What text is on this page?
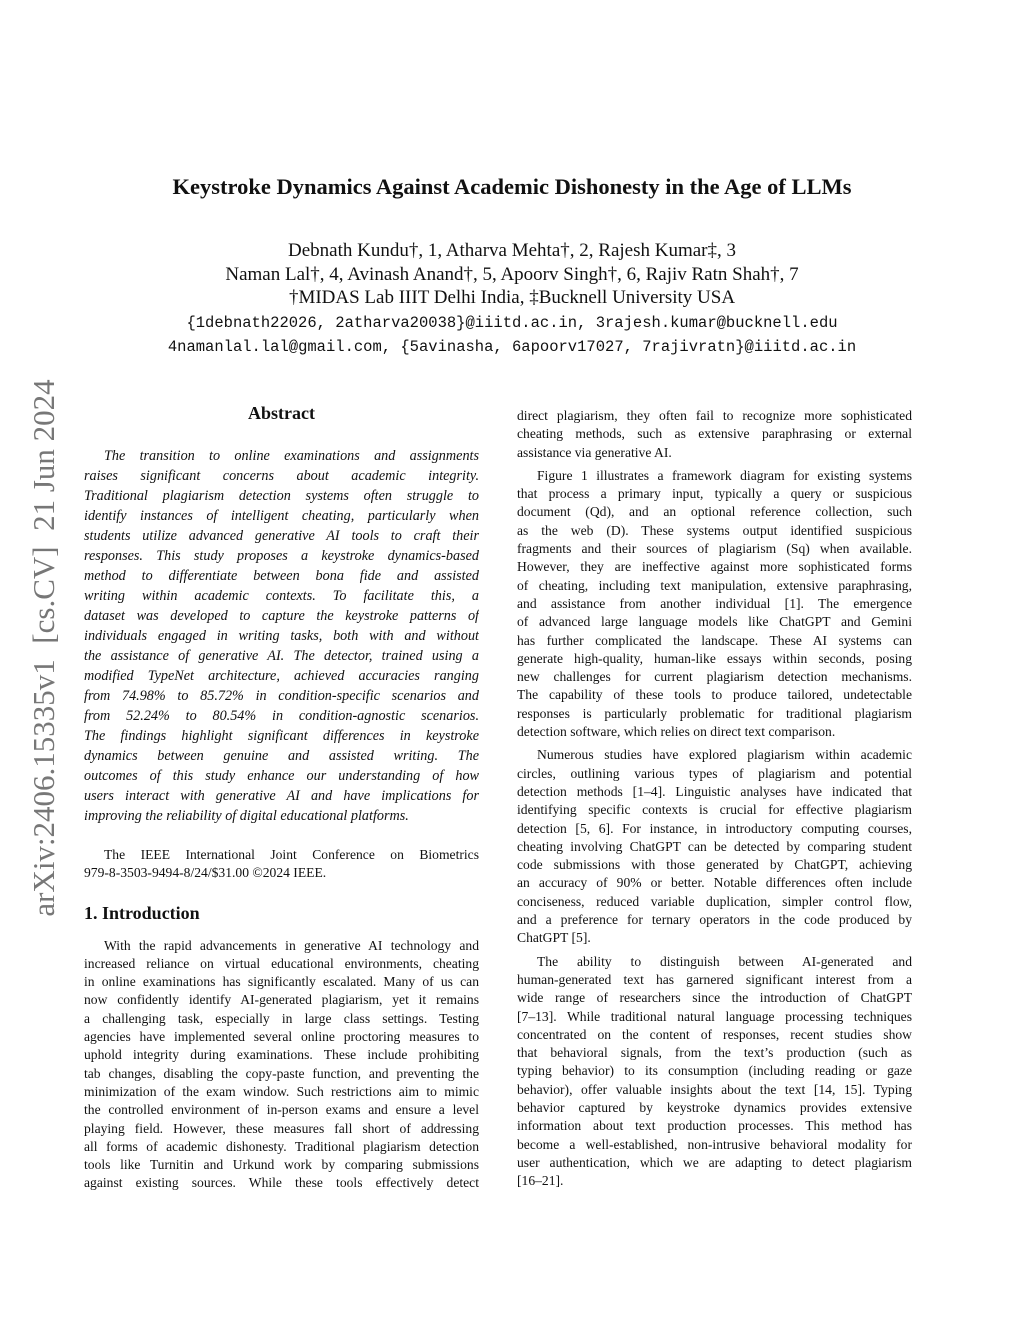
arXiv:2406.15335v1  [cs.CV]  21 Jun 2024
Keystroke Dynamics Against Academic Dishonesty in the Age of LLMs
Debnath Kundu†, 1, Atharva Mehta†, 2, Rajesh Kumar‡, 3
Naman Lal†, 4, Avinash Anand†, 5, Apoorv Singh†, 6, Rajiv Ratn Shah†, 7
†MIDAS Lab IIIT Delhi India, ‡Bucknell University USA
{1debnath22026, 2atharva20038}@iiitd.ac.in, 3rajesh.kumar@bucknell.edu
4namanlal.lal@gmail.com, {5avinasha, 6apoorv17027, 7rajivratn}@iiitd.ac.in
Abstract
The transition to online examinations and assignments
raises significant concerns about academic integrity.
Traditional plagiarism detection systems often struggle to
identify instances of intelligent cheating, particularly when
students utilize advanced generative AI tools to craft their
responses. This study proposes a keystroke dynamics-based
method to differentiate between bona fide and assisted
writing within academic contexts. To facilitate this, a
dataset was developed to capture the keystroke patterns of
individuals engaged in writing tasks, both with and without
the assistance of generative AI. The detector, trained using a
modified TypeNet architecture, achieved accuracies ranging
from 74.98% to 85.72% in condition-specific scenarios and
from 52.24% to 80.54% in condition-agnostic scenarios.
The findings highlight significant differences in keystroke
dynamics between genuine and assisted writing. The
outcomes of this study enhance our understanding of how
users interact with generative AI and have implications for
improving the reliability of digital educational platforms.
The IEEE International Joint Conference on Biometrics
979-8-3503-9494-8/24/$31.00 ©2024 IEEE.
1. Introduction
With the rapid advancements in generative AI technology and
increased reliance on virtual educational environments, cheating
in online examinations has significantly escalated. Many of us can
now confidently identify AI-generated plagiarism, yet it remains
a challenging task, especially in large class settings. Testing
agencies have implemented several online proctoring measures to
uphold integrity during examinations. These include prohibiting
tab changes, disabling the copy-paste function, and preventing the
minimization of the exam window. Such restrictions aim to mimic
the controlled environment of in-person exams and ensure a level
playing field. However, these measures fall short of addressing
all forms of academic dishonesty. Traditional plagiarism detection
tools like Turnitin and Urkund work by comparing submissions
against existing sources. While these tools effectively detect
direct plagiarism, they often fail to recognize more sophisticated
cheating methods, such as extensive paraphrasing or external
assistance via generative AI.
Figure 1 illustrates a framework diagram for existing systems
that process a primary input, typically a query or suspicious
document (Qd), and an optional reference collection, such
as the web (D). These systems output identified suspicious
fragments and their sources of plagiarism (Sq) when available.
However, they are ineffective against more sophisticated forms
of cheating, including text manipulation, extensive paraphrasing,
and assistance from another individual [1]. The emergence
of advanced large language models like ChatGPT and Gemini
has further complicated the landscape. These AI systems can
generate high-quality, human-like essays within seconds, posing
new challenges for current plagiarism detection mechanisms.
The capability of these tools to produce tailored, undetectable
responses is particularly problematic for traditional plagiarism
detection software, which relies on direct text comparison.
Numerous studies have explored plagiarism within academic
circles, outlining various types of plagiarism and potential
detection methods [1–4]. Linguistic analyses have indicated that
identifying specific contexts is crucial for effective plagiarism
detection [5, 6]. For instance, in introductory computing courses,
cheating involving ChatGPT can be detected by comparing student
code submissions with those generated by ChatGPT, achieving
an accuracy of 90% or better. Notable differences often include
conciseness, reduced variable duplication, simpler control flow,
and a preference for ternary operators in the code produced by
ChatGPT [5].
The ability to distinguish between AI-generated and
human-generated text has garnered significant interest from a
wide range of researchers since the introduction of ChatGPT
[7–13]. While traditional natural language processing techniques
concentrated on the content of responses, recent studies show
that behavioral signals, from the text’s production (such as
typing behavior) to its consumption (including reading or gaze
behavior), offer valuable insights about the text [14, 15]. Typing
behavior captured by keystroke dynamics provides extensive
information about text production processes. This method has
become a well-established, non-intrusive behavioral modality for
user authentication, which we are adapting to detect plagiarism
[16–21].
